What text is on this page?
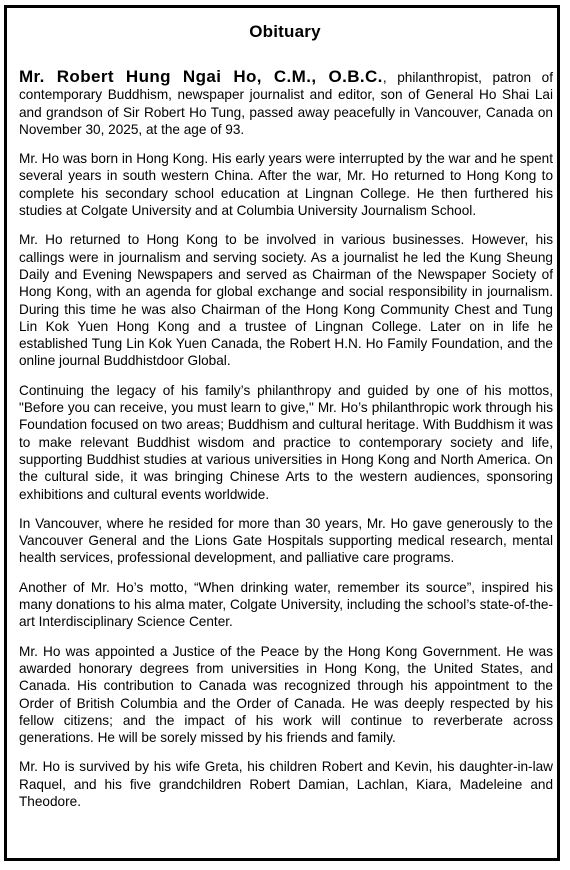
Obituary

Mr. Robert Hung Ngai Ho, C.M., O.B.C., philanthropist, patron of contemporary Buddhism, newspaper journalist and editor, son of General Ho Shai Lai and grandson of Sir Robert Ho Tung, passed away peacefully in Vancouver, Canada on November 30, 2025, at the age of 93.

Mr. Ho was born in Hong Kong. His early years were interrupted by the war and he spent several years in south western China. After the war, Mr. Ho returned to Hong Kong to complete his secondary school education at Lingnan College. He then furthered his studies at Colgate University and at Columbia University Journalism School.

Mr. Ho returned to Hong Kong to be involved in various businesses. However, his callings were in journalism and serving society. As a journalist he led the Kung Sheung Daily and Evening Newspapers and served as Chairman of the Newspaper Society of Hong Kong, with an agenda for global exchange and social responsibility in journalism. During this time he was also Chairman of the Hong Kong Community Chest and Tung Lin Kok Yuen Hong Kong and a trustee of Lingnan College. Later on in life he established Tung Lin Kok Yuen Canada, the Robert H.N. Ho Family Foundation, and the online journal Buddhistdoor Global.

Continuing the legacy of his family’s philanthropy and guided by one of his mottos, "Before you can receive, you must learn to give," Mr. Ho’s philanthropic work through his Foundation focused on two areas; Buddhism and cultural heritage. With Buddhism it was to make relevant Buddhist wisdom and practice to contemporary society and life, supporting Buddhist studies at various universities in Hong Kong and North America. On the cultural side, it was bringing Chinese Arts to the western audiences, sponsoring exhibitions and cultural events worldwide.

In Vancouver, where he resided for more than 30 years, Mr. Ho gave generously to the Vancouver General and the Lions Gate Hospitals supporting medical research, mental health services, professional development, and palliative care programs.

Another of Mr. Ho’s motto, “When drinking water, remember its source”, inspired his many donations to his alma mater, Colgate University, including the school’s state-of-the-art Interdisciplinary Science Center.

Mr. Ho was appointed a Justice of the Peace by the Hong Kong Government. He was awarded honorary degrees from universities in Hong Kong, the United States, and Canada. His contribution to Canada was recognized through his appointment to the Order of British Columbia and the Order of Canada. He was deeply respected by his fellow citizens; and the impact of his work will continue to reverberate across generations. He will be sorely missed by his friends and family.

Mr. Ho is survived by his wife Greta, his children Robert and Kevin, his daughter-in-law Raquel, and his five grandchildren Robert Damian, Lachlan, Kiara, Madeleine and Theodore.
